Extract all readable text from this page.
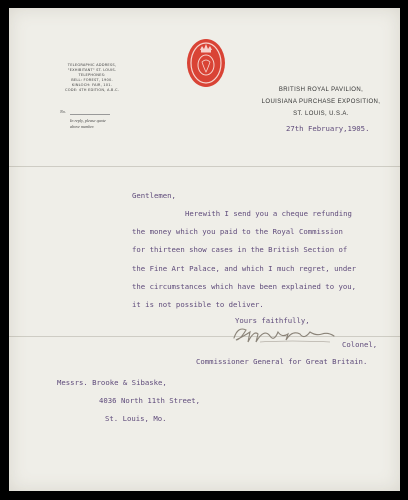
TELEGRAPHIC ADDRESS,
"EXHIBITANT" ST. LOUIS.
TELEPHONES:
BELL: FOREST, 1900.
KINLOCH: FAIR, 101.
CODE: 4TH EDITION, A.B.C.
No.
In reply, please quote
above number.
BRITISH ROYAL PAVILION,
LOUISIANA PURCHASE EXPOSITION,
ST. LOUIS, U.S.A.
27th February,1905.
Gentlemen,
Herewith I send you a cheque refunding
the money which you paid to the Royal Commission
for thirteen show cases in the British Section of
the Fine Art Palace, and which I much regret, under
the circumstances which have been explained to you,
it is not possible to deliver.
Yours faithfully,
Colonel,
Commissioner General for Great Britain.
Messrs. Brooke & Sibaske,
4036 North 11th Street,
St. Louis, Mo.
